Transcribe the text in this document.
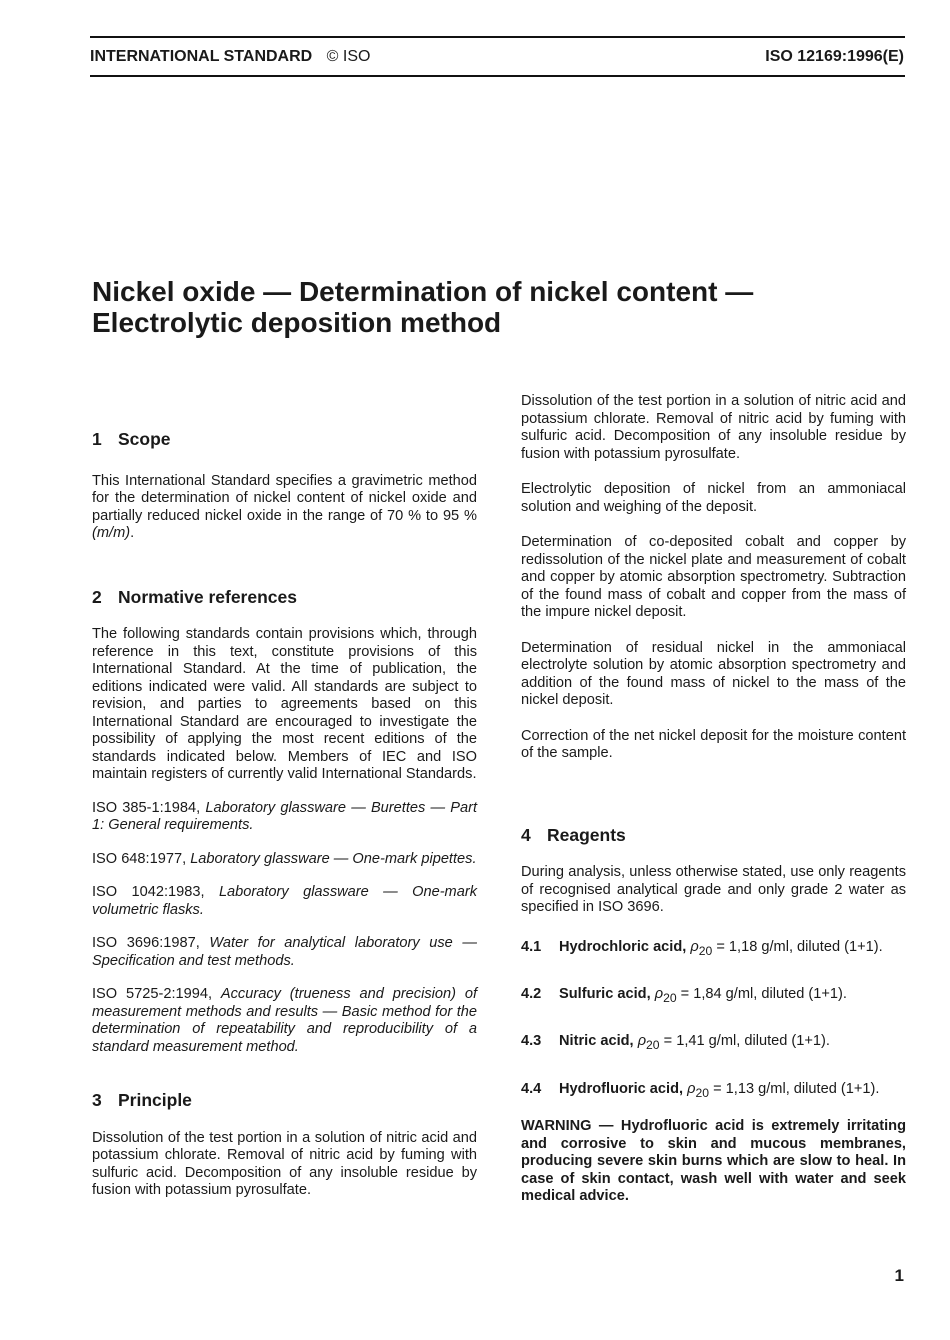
INTERNATIONAL STANDARD © ISO	ISO 12169:1996(E)
Nickel oxide — Determination of nickel content —
Electrolytic deposition method
1 Scope

This International Standard specifies a gravimetric method for the determination of nickel content of nickel oxide and partially reduced nickel oxide in the range of 70 % to 95 % (m/m).

2 Normative references

The following standards contain provisions which, through reference in this text, constitute provisions of this International Standard. At the time of publication, the editions indicated were valid. All standards are subject to revision, and parties to agreements based on this International Standard are encouraged to investigate the possibility of applying the most recent editions of the standards indicated below. Members of IEC and ISO maintain registers of currently valid International Standards.

ISO 385-1:1984, Laboratory glassware — Burettes — Part 1: General requirements.

ISO 648:1977, Laboratory glassware — One-mark pipettes.

ISO 1042:1983, Laboratory glassware — One-mark volumetric flasks.

ISO 3696:1987, Water for analytical laboratory use — Specification and test methods.

ISO 5725-2:1994, Accuracy (trueness and precision) of measurement methods and results — Basic method for the determination of repeatability and reproducibility of a standard measurement method.

3 Principle

Dissolution of the test portion in a solution of nitric acid and potassium chlorate. Removal of nitric acid by fuming with sulfuric acid. Decomposition of any insoluble residue by fusion with potassium pyrosulfate.

Dissolution of the test portion in a solution of nitric acid and potassium chlorate. Removal of nitric acid by fuming with sulfuric acid. Decomposition of any insoluble residue by fusion with potassium pyrosulfate.

Electrolytic deposition of nickel from an ammoniacal solution and weighing of the deposit.

Determination of co-deposited cobalt and copper by redissolution of the nickel plate and measurement of cobalt and copper by atomic absorption spectrometry. Subtraction of the found mass of cobalt and copper from the mass of the impure nickel deposit.

Determination of residual nickel in the ammoniacal electrolyte solution by atomic absorption spectrometry and addition of the found mass of nickel to the mass of the nickel deposit.

Correction of the net nickel deposit for the moisture content of the sample.

4 Reagents

During analysis, unless otherwise stated, use only reagents of recognised analytical grade and only grade 2 water as specified in ISO 3696.

4.1 Hydrochloric acid, $\rho_{20} = 1,18$ g/ml, diluted (1+1).
4.2 Sulfuric acid, $\rho_{20} = 1,84$ g/ml, diluted (1+1).
4.3 Nitric acid, $\rho_{20} = 1,41$ g/ml, diluted (1+1).
4.4 Hydrofluoric acid, $\rho_{20} = 1,13$ g/ml, diluted (1+1).

WARNING — Hydrofluoric acid is extremely irritating and corrosive to skin and mucous membranes, producing severe skin burns which are slow to heal. In case of skin contact, wash well with water and seek medical advice.

1
